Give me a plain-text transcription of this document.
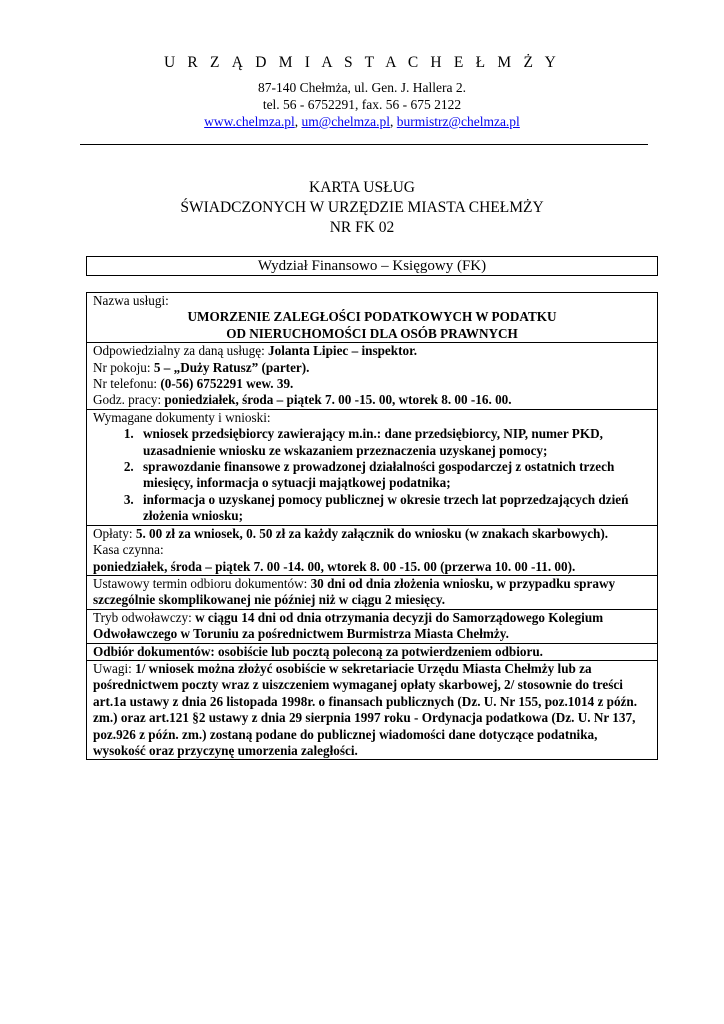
U R Z Ą D M I A S T A C H E Ł M Ż Y
87-140 Chełmża, ul. Gen. J. Hallera 2.
tel. 56 - 6752291, fax. 56 - 675 2122
www.chelmza.pl, um@chelmza.pl, burmistrz@chelmza.pl
KARTA USŁUG
ŚWIADCZONYCH W URZĘDZIE MIASTA CHEŁMŻY
NR FK 02
Wydział Finansowo – Księgowy (FK)
Nazwa usługi:
UMORZENIE ZALEGŁOŚCI PODATKOWYCH W PODATKU
OD NIERUCHOMOŚCI DLA OSÓB PRAWNYCH

Odpowiedzialny za daną usługę: Jolanta Lipiec – inspektor.
Nr pokoju: 5 – „Duży Ratusz” (parter).
Nr telefonu: (0-56) 6752291 wew. 39.
Godz. pracy: poniedziałek, środa – piątek 7. 00 -15. 00, wtorek 8. 00 -16. 00.

Wymagane dokumenty i wnioski:
1. wniosek przedsiębiorcy zawierający m.in.: dane przedsiębiorcy, NIP, numer PKD, uzasadnienie wniosku ze wskazaniem przeznaczenia uzyskanej pomocy;
2. sprawozdanie finansowe z prowadzonej działalności gospodarczej z ostatnich trzech miesięcy, informacja o sytuacji majątkowej podatnika;
3. informacja o uzyskanej pomocy publicznej w okresie trzech lat poprzedzających dzień złożenia wniosku;

Opłaty: 5. 00 zł za wniosek, 0. 50 zł za każdy załącznik do wniosku (w znakach skarbowych).
Kasa czynna:
poniedziałek, środa – piątek 7. 00 -14. 00, wtorek 8. 00 -15. 00 (przerwa 10. 00 -11. 00).

Ustawowy termin odbioru dokumentów: 30 dni od dnia złożenia wniosku, w przypadku sprawy szczególnie skomplikowanej nie później niż w ciągu 2 miesięcy.
Tryb odwoławczy: w ciągu 14 dni od dnia otrzymania decyzji do Samorządowego Kolegium Odwoławczego w Toruniu za pośrednictwem Burmistrza Miasta Chełmży.
Odbiór dokumentów: osobiście lub pocztą poleconą za potwierdzeniem odbioru.
Uwagi: 1/ wniosek można złożyć osobiście w sekretariacie Urzędu Miasta Chełmży lub za pośrednictwem poczty wraz z uiszczeniem wymaganej opłaty skarbowej, 2/ stosownie do treści art.1a ustawy z dnia 26 listopada 1998r. o finansach publicznych (Dz. U. Nr 155, poz.1014 z późn. zm.) oraz art.121 §2 ustawy z dnia 29 sierpnia 1997 roku - Ordynacja podatkowa (Dz. U. Nr 137, poz.926 z późn. zm.) zostaną podane do publicznej wiadomości dane dotyczące podatnika, wysokość oraz przyczynę umorzenia zaległości.
